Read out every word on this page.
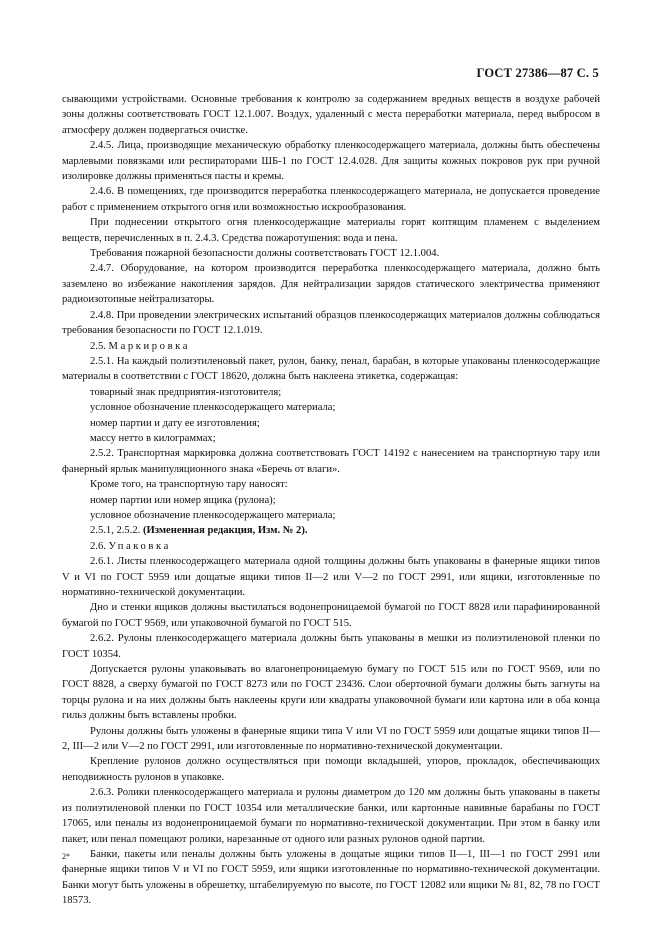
ГОСТ 27386—87 С. 5

сывающими устройствами. Основные требования к контролю за содержанием вредных веществ в воздухе рабочей зоны должны соответствовать ГОСТ 12.1.007. Воздух, удаленный с места переработки материала, перед выбросом в атмосферу должен подвергаться очистке.

2.4.5. Лица, производящие механическую обработку пленкосодержащего материала, должны быть обеспечены марлевыми повязками или респираторами ШБ-1 по ГОСТ 12.4.028. Для защиты кожных покровов рук при ручной изолировке должны применяться пасты и кремы.

2.4.6. В помещениях, где производится переработка пленкосодержащего материала, не допускается проведение работ с применением открытого огня или возможностью искрообразования.

При поднесении открытого огня пленкосодержащие материалы горят коптящим пламенем с выделением веществ, перечисленных в п. 2.4.3. Средства пожаротушения: вода и пена.

Требования пожарной безопасности должны соответствовать ГОСТ 12.1.004.

2.4.7. Оборудование, на котором производится переработка пленкосодержащего материала, должно быть заземлено во избежание накопления зарядов. Для нейтрализации зарядов статического электричества применяют радиоизотопные нейтрализаторы.

2.4.8. При проведении электрических испытаний образцов пленкосодержащих материалов должны соблюдаться требования безопасности по ГОСТ 12.1.019.

2.5. Маркировка

2.5.1. На каждый полиэтиленовый пакет, рулон, банку, пенал, барабан, в которые упакованы пленкосодержащие материалы в соответствии с ГОСТ 18620, должна быть наклеена этикетка, содержащая:

товарный знак предприятия-изготовителя;

условное обозначение пленкосодержащего материала;

номер партии и дату ее изготовления;

массу нетто в килограммах;

2.5.2. Транспортная маркировка должна соответствовать ГОСТ 14192 с нанесением на транспортную тару или фанерный ярлык манипуляционного знака «Беречь от влаги».

Кроме того, на транспортную тару наносят:

номер партии или номер ящика (рулона);

условное обозначение пленкосодержащего материала;

2.5.1, 2.5.2. (Измененная редакция, Изм. № 2).

2.6. Упаковка

2.6.1. Листы пленкосодержащего материала одной толщины должны быть упакованы в фанерные ящики типов V и VI по ГОСТ 5959 или дощатые ящики типов II—2 или V—2 по ГОСТ 2991, или ящики, изготовленные по нормативно-технической документации.

Дно и стенки ящиков должны выстилаться водонепроницаемой бумагой по ГОСТ 8828 или парафинированной бумагой по ГОСТ 9569, или упаковочной бумагой по ГОСТ 515.

2.6.2. Рулоны пленкосодержащего материала должны быть упакованы в мешки из полиэтиленовой пленки по ГОСТ 10354.

Допускается рулоны упаковывать во влагонепроницаемую бумагу по ГОСТ 515 или по ГОСТ 9569, или по ГОСТ 8828, а сверху бумагой по ГОСТ 8273 или по ГОСТ 23436. Слои оберточной бумаги должны быть загнуты на торцы рулона и на них должны быть наклеены круги или квадраты упаковочной бумаги или картона или в оба конца гильз должны быть вставлены пробки.

Рулоны должны быть уложены в фанерные ящики типа V или VI по ГОСТ 5959 или дощатые ящики типов II—2, III—2 или V—2 по ГОСТ 2991, или изготовленные по нормативно-технической документации.

Крепление рулонов должно осуществляться при помощи вкладышей, упоров, прокладок, обеспечивающих неподвижность рулонов в упаковке.

2.6.3. Ролики пленкосодержащего материала и рулоны диаметром до 120 мм должны быть упакованы в пакеты из полиэтиленовой пленки по ГОСТ 10354 или металлические банки, или картонные навивные барабаны по ГОСТ 17065, или пеналы из водонепроницаемой бумаги по нормативно-технической документации. При этом в банку или пакет, или пенал помещают ролики, нарезанные от одного или разных рулонов одной партии.

Банки, пакеты или пеналы должны быть уложены в дощатые ящики типов II—1, III—1 по ГОСТ 2991 или фанерные ящики типов V и VI по ГОСТ 5959, или ящики изготовленные по нормативно-технической документации. Банки могут быть уложены в обрешетку, штабелируемую по высоте, по ГОСТ 12082 или ящики № 81, 82, 78 по ГОСТ 18573.

2*
